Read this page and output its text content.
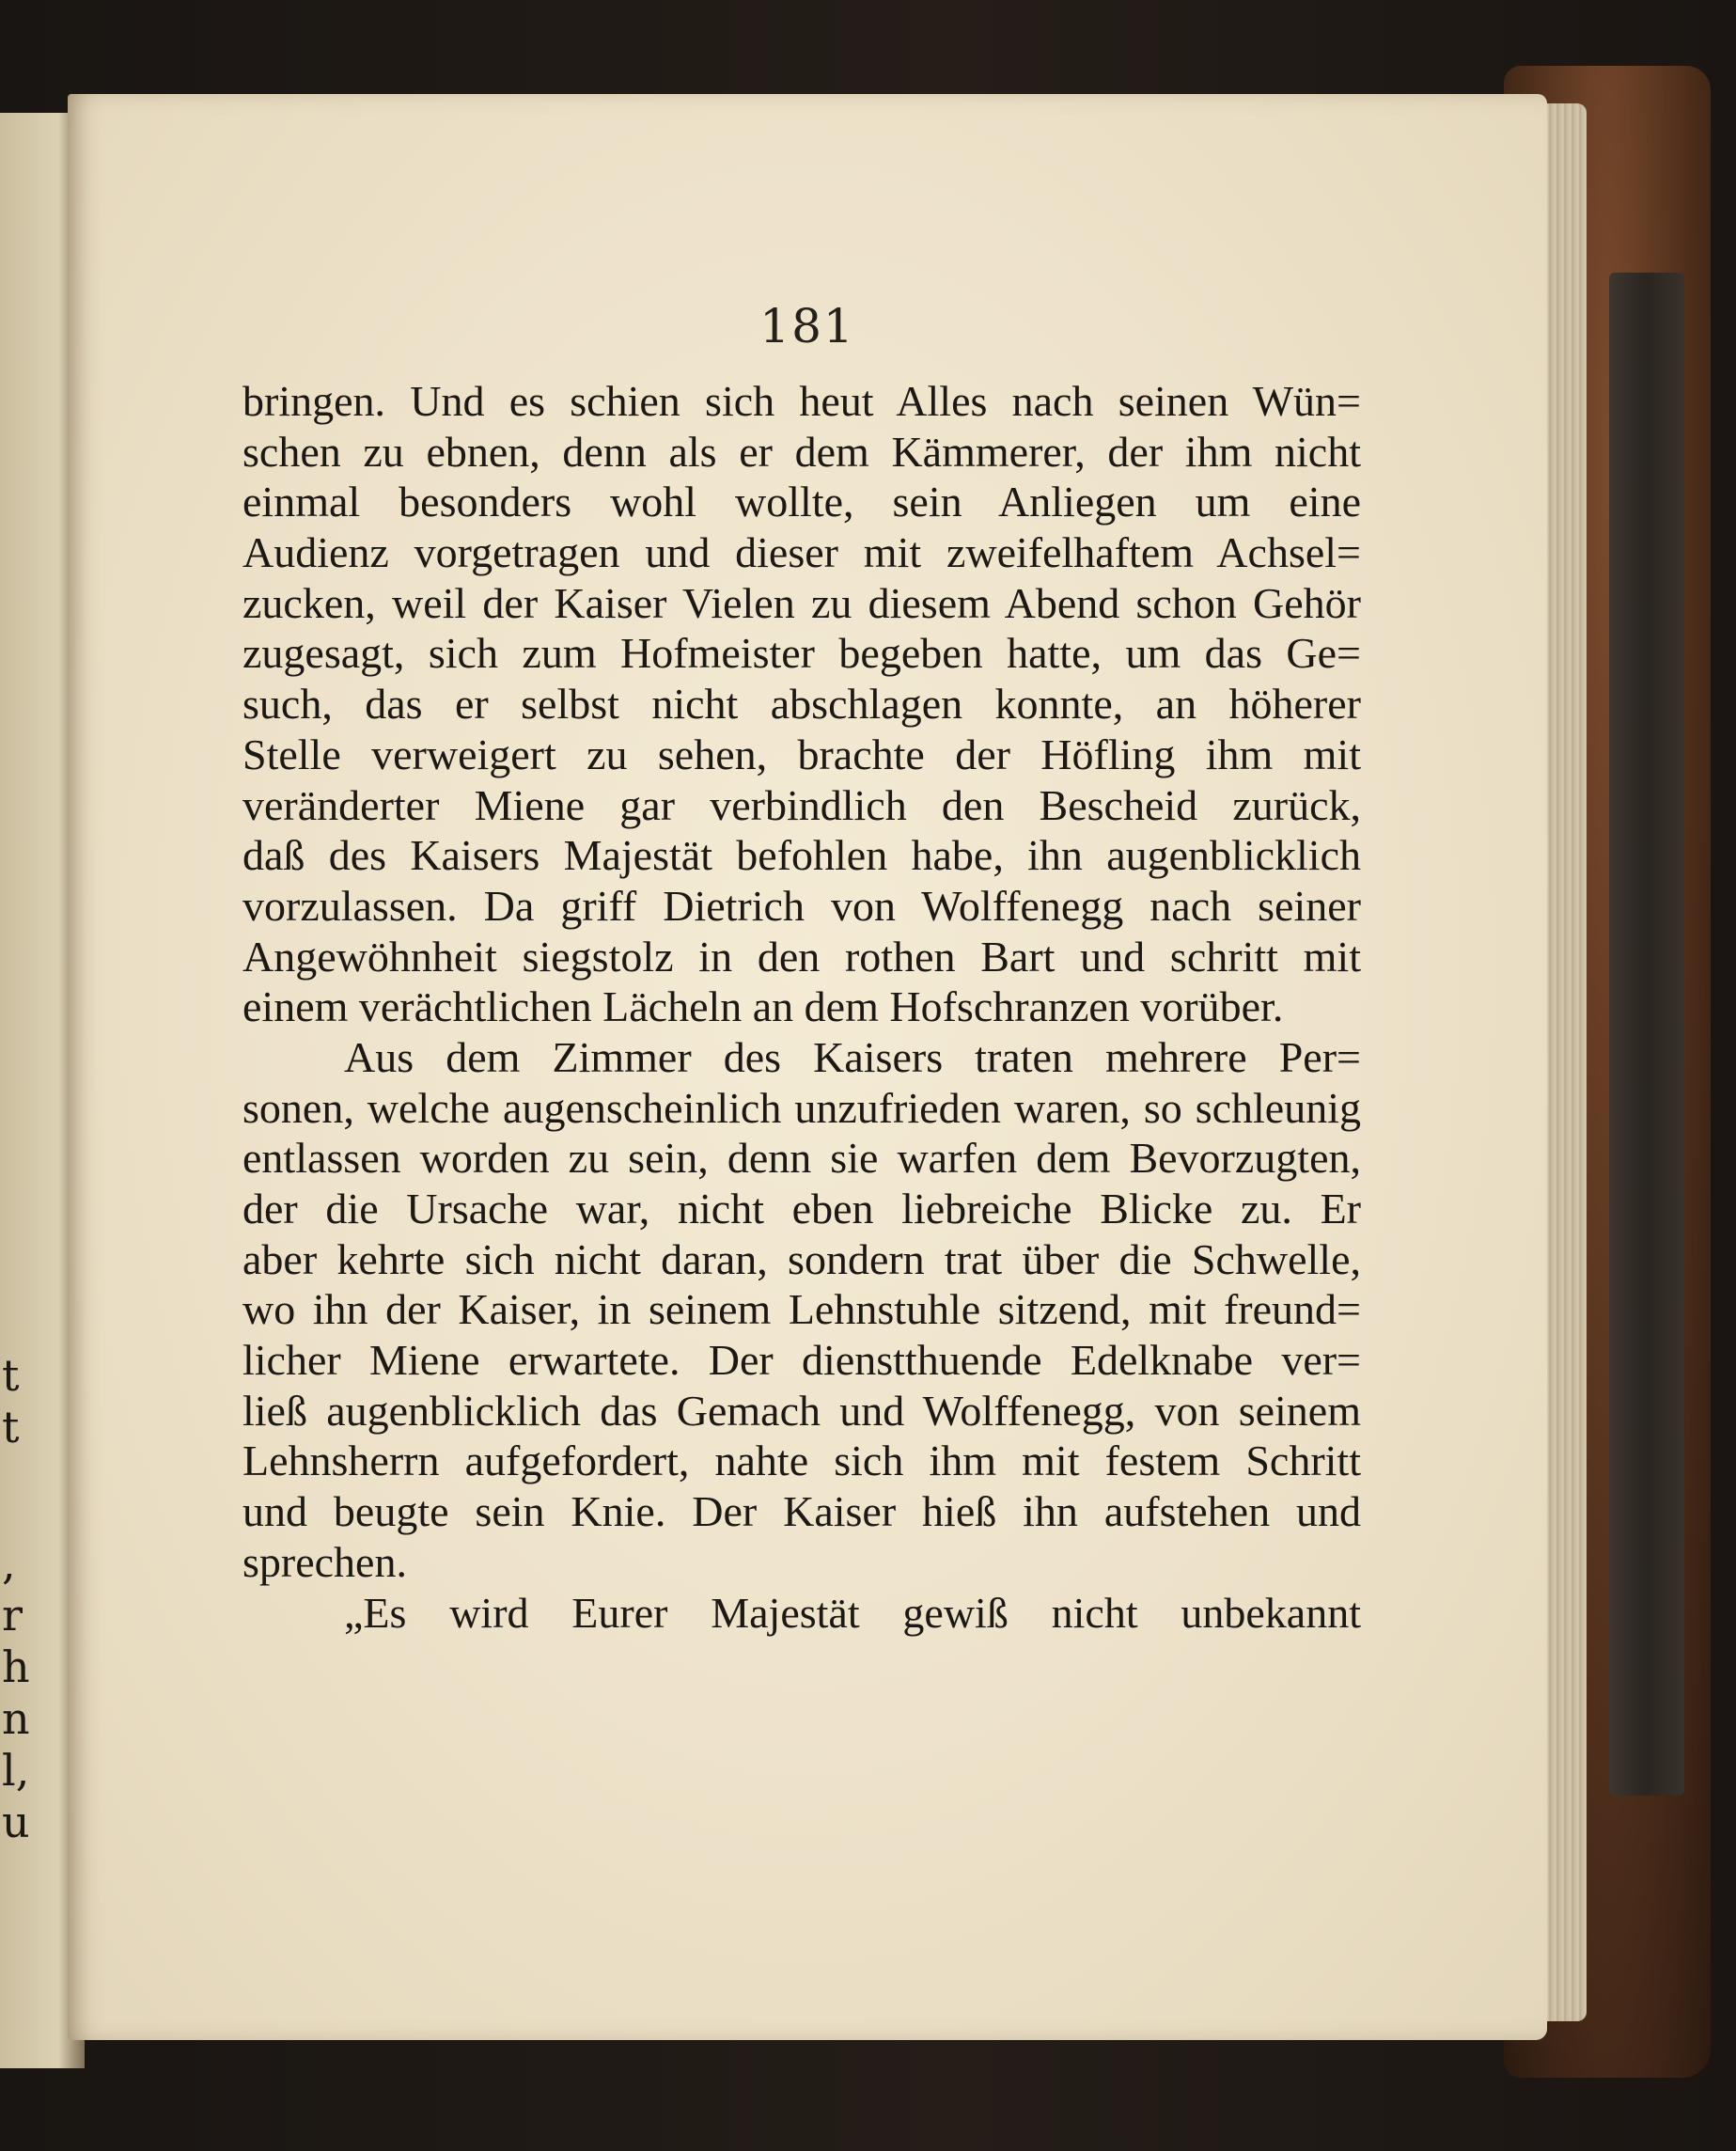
t
t
,
r
h
n
l,
u
181
bringen. Und es schien sich heut Alles nach seinen Wün=
schen zu ebnen, denn als er dem Kämmerer, der ihm nicht
einmal besonders wohl wollte, sein Anliegen um eine
Audienz vorgetragen und dieser mit zweifelhaftem Achsel=
zucken, weil der Kaiser Vielen zu diesem Abend schon Gehör
zugesagt, sich zum Hofmeister begeben hatte, um das Ge=
such, das er selbst nicht abschlagen konnte, an höherer
Stelle verweigert zu sehen, brachte der Höfling ihm mit
veränderter Miene gar verbindlich den Bescheid zurück,
daß des Kaisers Majestät befohlen habe, ihn augenblicklich
vorzulassen. Da griff Dietrich von Wolffenegg nach seiner
Angewöhnheit siegstolz in den rothen Bart und schritt mit
einem verächtlichen Lächeln an dem Hofschranzen vorüber.
Aus dem Zimmer des Kaisers traten mehrere Per=
sonen, welche augenscheinlich unzufrieden waren, so schleunig
entlassen worden zu sein, denn sie warfen dem Bevorzugten,
der die Ursache war, nicht eben liebreiche Blicke zu. Er
aber kehrte sich nicht daran, sondern trat über die Schwelle,
wo ihn der Kaiser, in seinem Lehnstuhle sitzend, mit freund=
licher Miene erwartete. Der dienstthuende Edelknabe ver=
ließ augenblicklich das Gemach und Wolffenegg, von seinem
Lehnsherrn aufgefordert, nahte sich ihm mit festem Schritt
und beugte sein Knie. Der Kaiser hieß ihn aufstehen und
sprechen.
„Es wird Eurer Majestät gewiß nicht unbekannt
